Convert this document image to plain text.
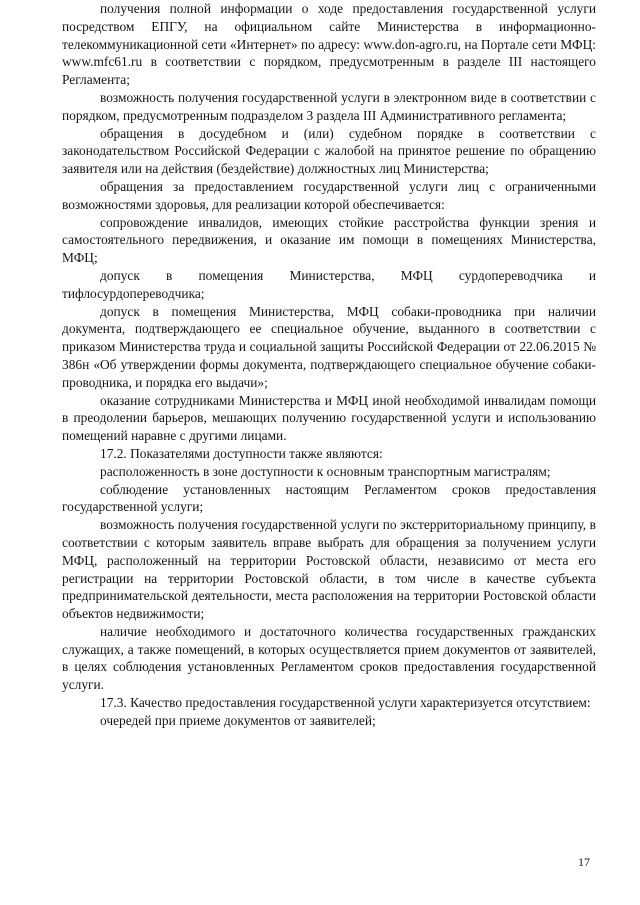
получения полной информации о ходе предоставления государственной услуги посредством ЕПГУ, на официальном сайте Министерства в информационно-телекоммуникационной сети «Интернет» по адресу: www.don-agro.ru, на Портале сети МФЦ: www.mfc61.ru в соответствии с порядком, предусмотренным в разделе III настоящего Регламента;

возможность получения государственной услуги в электронном виде в соответствии с порядком, предусмотренным подразделом 3 раздела III Административного регламента;

обращения в досудебном и (или) судебном порядке в соответствии с законодательством Российской Федерации с жалобой на принятое решение по обращению заявителя или на действия (бездействие) должностных лиц Министерства;

обращения за предоставлением государственной услуги лиц с ограниченными возможностями здоровья, для реализации которой обеспечивается:

сопровождение инвалидов, имеющих стойкие расстройства функции зрения и самостоятельного передвижения, и оказание им помощи в помещениях Министерства, МФЦ;

допуск в помещения Министерства, МФЦ сурдопереводчика и тифлосурдопереводчика;

допуск в помещения Министерства, МФЦ собаки-проводника при наличии документа, подтверждающего ее специальное обучение, выданного в соответствии с приказом Министерства труда и социальной защиты Российской Федерации от 22.06.2015 № 386н «Об утверждении формы документа, подтверждающего специальное обучение собаки-проводника, и порядка его выдачи»;

оказание сотрудниками Министерства и МФЦ иной необходимой инвалидам помощи в преодолении барьеров, мешающих получению государственной услуги и использованию помещений наравне с другими лицами.

17.2. Показателями доступности также являются:

расположенность в зоне доступности к основным транспортным магистралям;

соблюдение установленных настоящим Регламентом сроков предоставления государственной услуги;

возможность получения государственной услуги по экстерриториальному принципу, в соответствии с которым заявитель вправе выбрать для обращения за получением услуги МФЦ, расположенный на территории Ростовской области, независимо от места его регистрации на территории Ростовской области, в том числе в качестве субъекта предпринимательской деятельности, места расположения на территории Ростовской области объектов недвижимости;

наличие необходимого и достаточного количества государственных гражданских служащих, а также помещений, в которых осуществляется прием документов от заявителей, в целях соблюдения установленных Регламентом сроков предоставления государственной услуги.

17.3. Качество предоставления государственной услуги характеризуется отсутствием:

очередей при приеме документов от заявителей;

17
